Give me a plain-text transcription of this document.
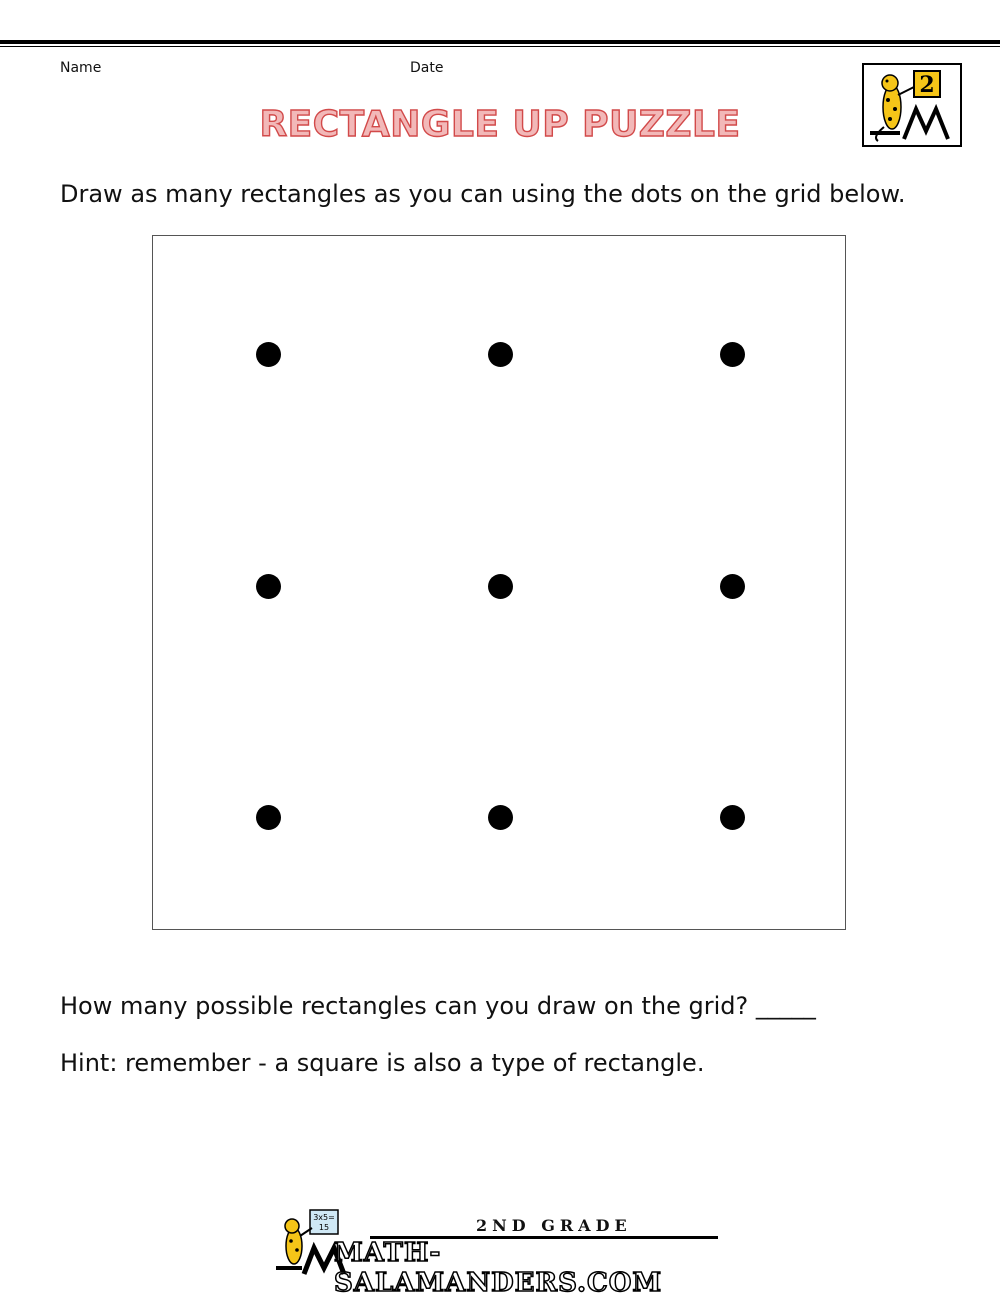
Name	Date
2
RECTANGLE UP PUZZLE
Draw as many rectangles as you can using the dots on the grid below.
How many possible rectangles can you draw on the grid? _____
Hint: remember - a square is also a type of rectangle.
3x5=
15	2ND GRADE
MATH-SALAMANDERS.COM
